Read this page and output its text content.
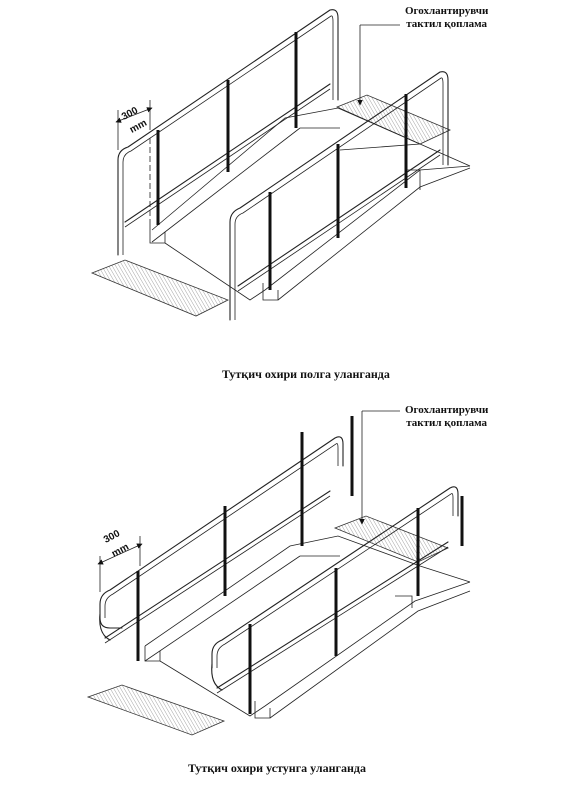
Огохлантирувчи
тактил қоплама
300
mm
Тутқич охири полга уланганда
Огохлантирувчи
тактил қоплама
300
mm
Тутқич охири устунга уланганда
